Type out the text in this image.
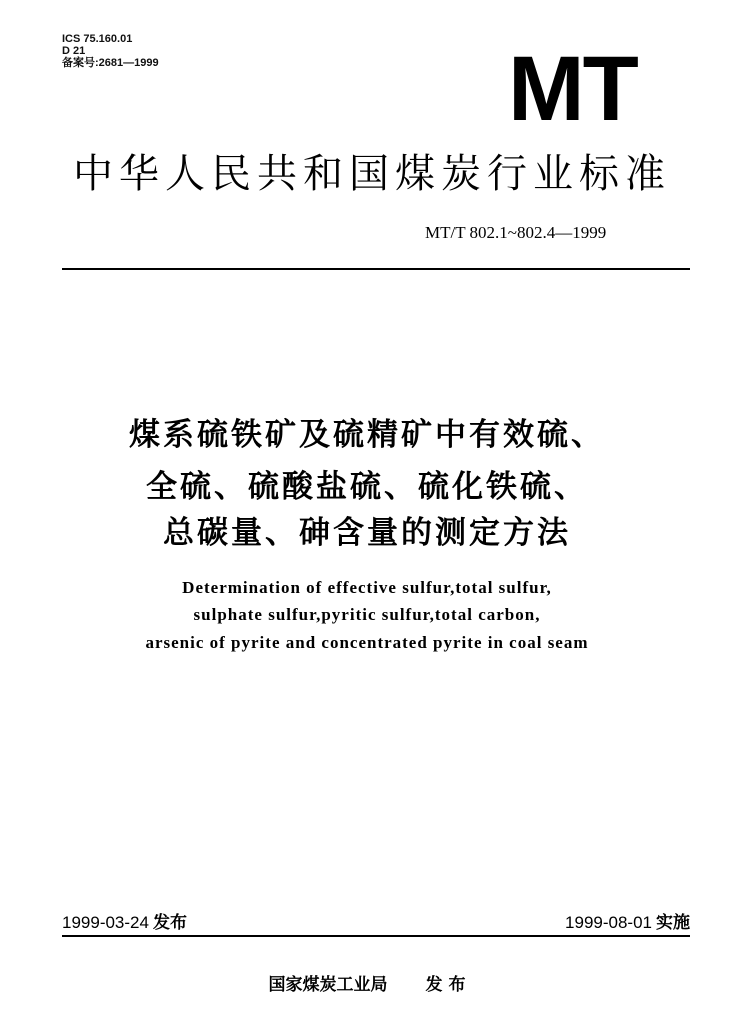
ICS 75.160.01
D 21
备案号:2681—1999	MT
中华人民共和国煤炭行业标准
MT/T 802.1~802.4—1999
煤系硫铁矿及硫精矿中有效硫、
全硫、硫酸盐硫、硫化铁硫、
总碳量、砷含量的测定方法
Determination of effective sulfur,total sulfur,
sulphate sulfur,pyritic sulfur,total carbon,
arsenic of pyrite and concentrated pyrite in coal seam
1999-03-24 发布	1999-08-01 实施
国家煤炭工业局 发 布
